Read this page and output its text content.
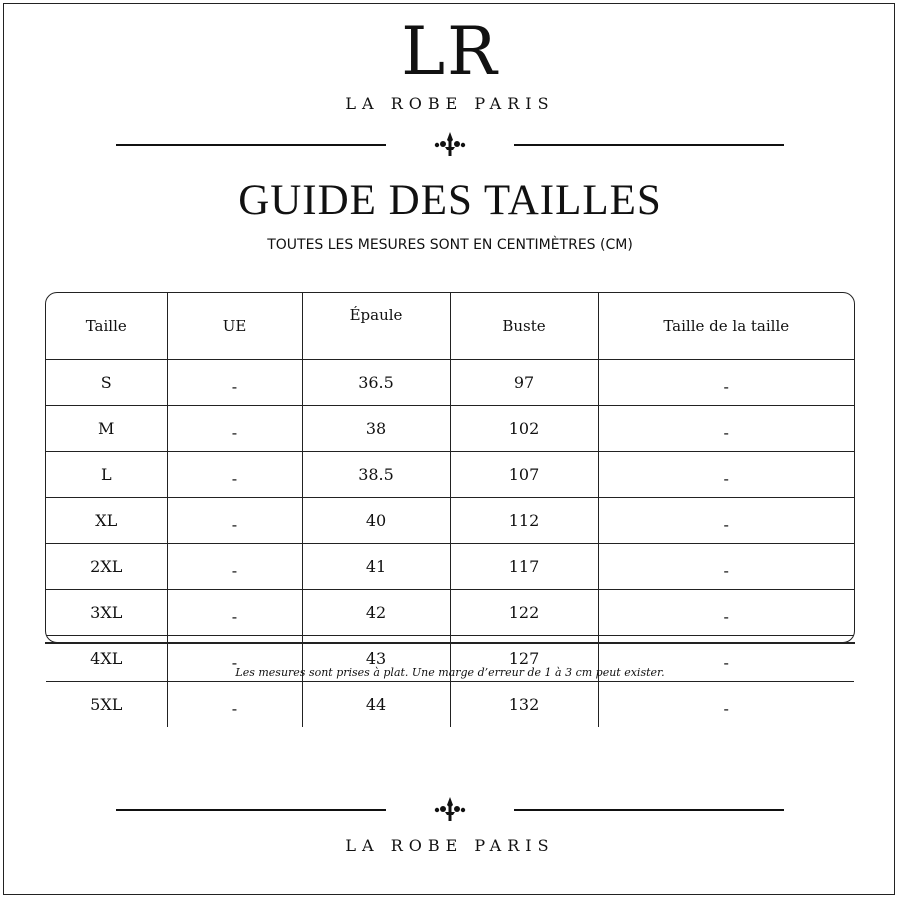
LR
LA ROBE PARIS
GUIDE DES TAILLES
TOUTES LES MESURES SONT EN CENTIMÈTRES (CM)
Taille	UE	Épaule	Buste	Taille de la taille
S	-	36.5	97	-
M	-	38	102	-
L	-	38.5	107	-
XL	-	40	112	-
2XL	-	41	117	-
3XL	-	42	122	-
4XL	-	43	127	-
5XL	-	44	132	-
Les mesures sont prises à plat. Une marge d’erreur de 1 à 3 cm peut exister.
LA ROBE PARIS
